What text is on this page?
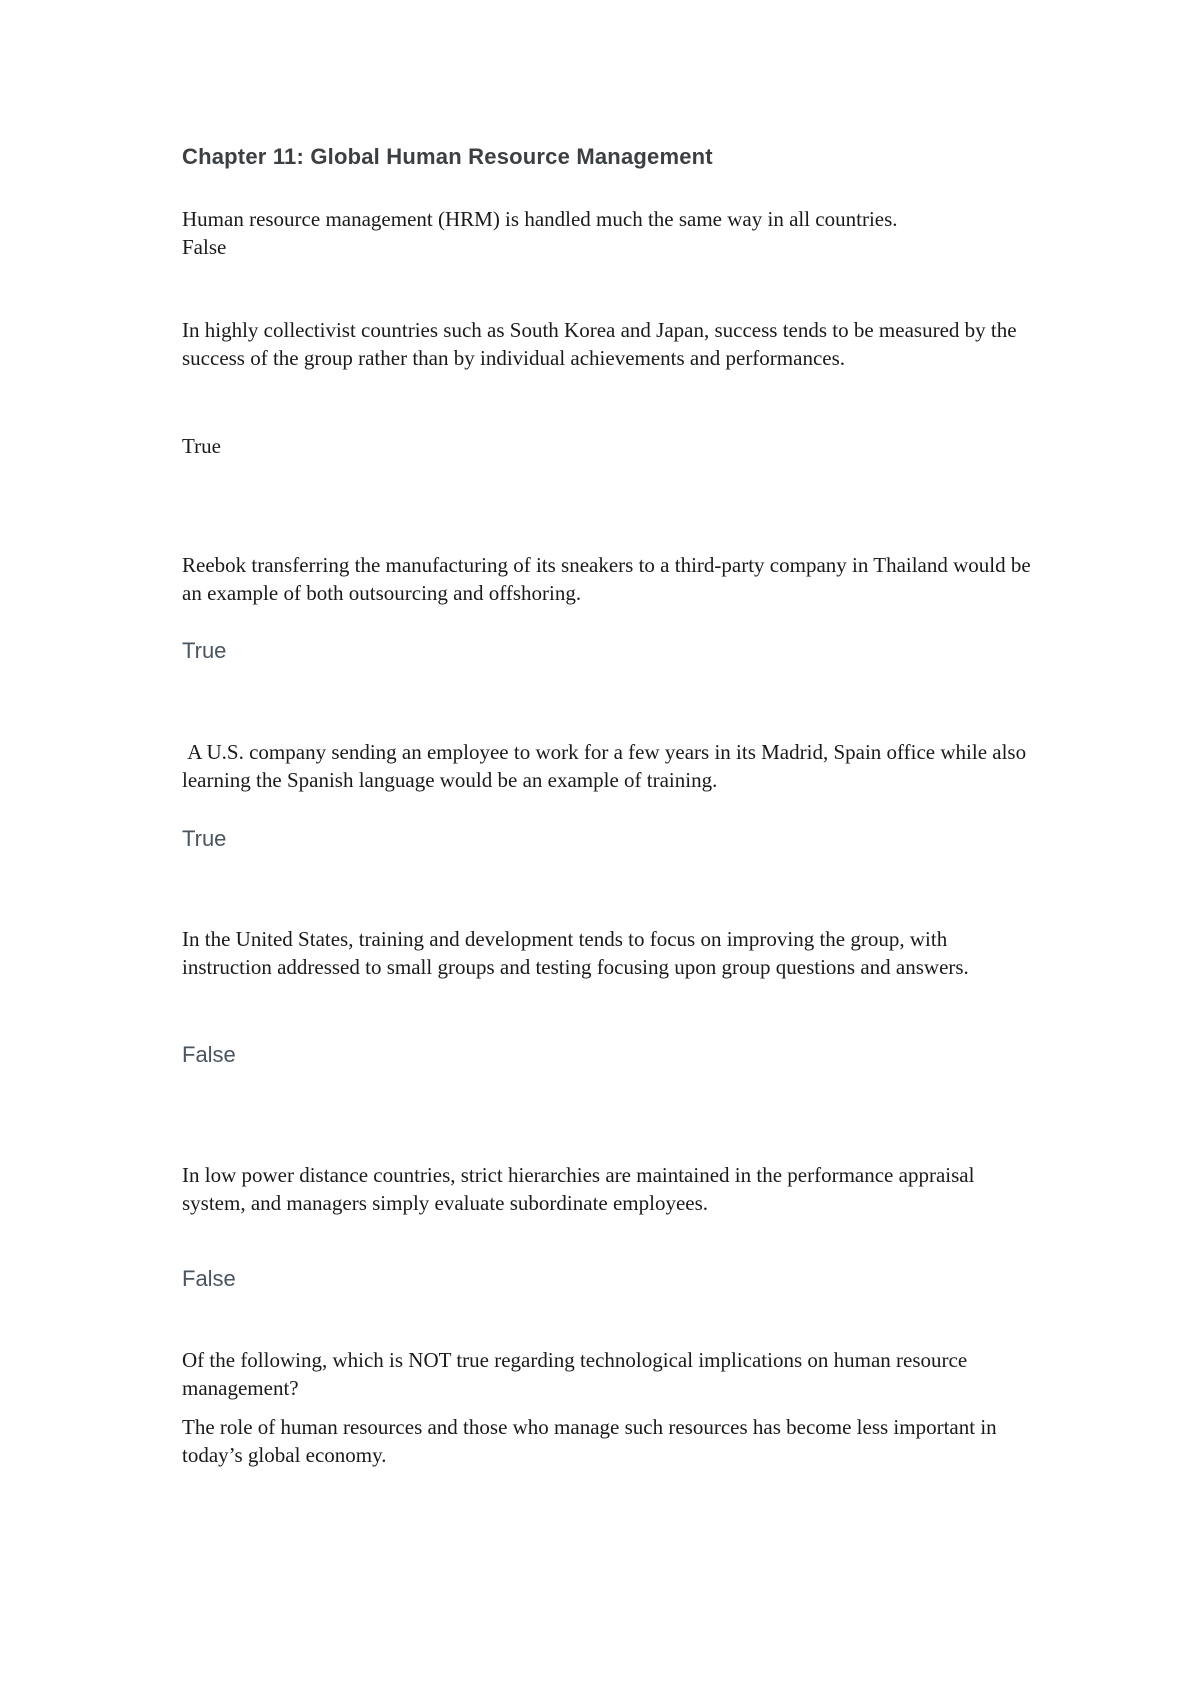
Chapter 11: Global Human Resource Management

Human resource management (HRM) is handled much the same way in all countries.

False

In highly collectivist countries such as South Korea and Japan, success tends to be measured by the success of the group rather than by individual achievements and performances.

True

Reebok transferring the manufacturing of its sneakers to a third-party company in Thailand would be an example of both outsourcing and offshoring.

True

A U.S. company sending an employee to work for a few years in its Madrid, Spain office while also learning the Spanish language would be an example of training.

True

In the United States, training and development tends to focus on improving the group, with instruction addressed to small groups and testing focusing upon group questions and answers.

False

In low power distance countries, strict hierarchies are maintained in the performance appraisal system, and managers simply evaluate subordinate employees.

False

Of the following, which is NOT true regarding technological implications on human resource management?

The role of human resources and those who manage such resources has become less important in today’s global economy.
